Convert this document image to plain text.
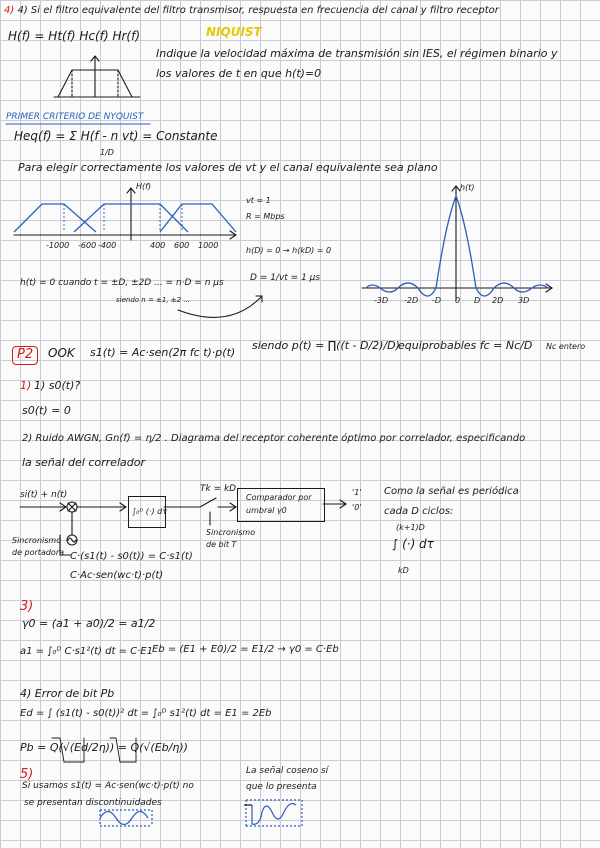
4) 4) Si el filtro equivalente del filtro transmisor, respuesta en frecuencia del canal y filtro receptor
H(f) = Ht(f) Hc(f) Hr(f)	NIQUIST
Indique la velocidad máxima de transmisión sin IES, el régimen binario y
los valores de t en que h(t)=0
PRIMER CRITERIO DE NYQUIST
Heq(f) = Σ H(f - n vt) = Constante
1/D
Para elegir correctamente los valores de vt y el canal equivalente sea plano
H(f)
-1000 -600 -400	400 600 1000
vt = 1
R = Mbps
h(D) = 0 → h(kD) = 0
D = 1/vt = 1 μs
h(t) = 0 cuando t = ±D, ±2D ... = n·D = n μs
siendo n = ±1, ±2 ...
h(t)
-3D -2D -D 0 D 2D 3D
P2	OOK s1(t) = Ac·sen(2π fc t)·p(t)
siendo p(t) = ∏((t - D/2)/D)
equiprobables fc = Nc/D Nc entero
1) 1) s0(t)?
s0(t) = 0
2) Ruido AWGN, Gn(f) = η/2 . Diagrama del receptor coherente óptimo por correlador, especificando
la señal del correlador
si(t) + n(t)
∫₀ᴰ (·) dτ
Tk = kD
Comparador por
umbral γ0
'1'
'0'
Sincronismo
de portadora
Sincronismo
de bit T
C·(s1(t) - s0(t)) = C·s1(t)
C·Ac·sen(wc·t)·p(t)
Como la señal es periódica
cada D ciclos:
(k+1)D
∫ (·) dτ
kD
3)
γ0 = (a1 + a0)/2 = a1/2
a1 = ∫₀ᴰ C·s1²(t) dt = C·E1 Eb = (E1 + E0)/2 = E1/2 → γ0 = C·Eb
4) Error de bit Pb
Ed = ∫ (s1(t) - s0(t))² dt = ∫₀ᴰ s1²(t) dt = E1 = 2Eb
Pb = Q(√(Ed/2η)) = Q(√(Eb/η))
5)
Si usamos s1(t) = Ac·sen(wc·t)·p(t) no
se presentan discontinuidades
La señal coseno sí
que lo presenta
